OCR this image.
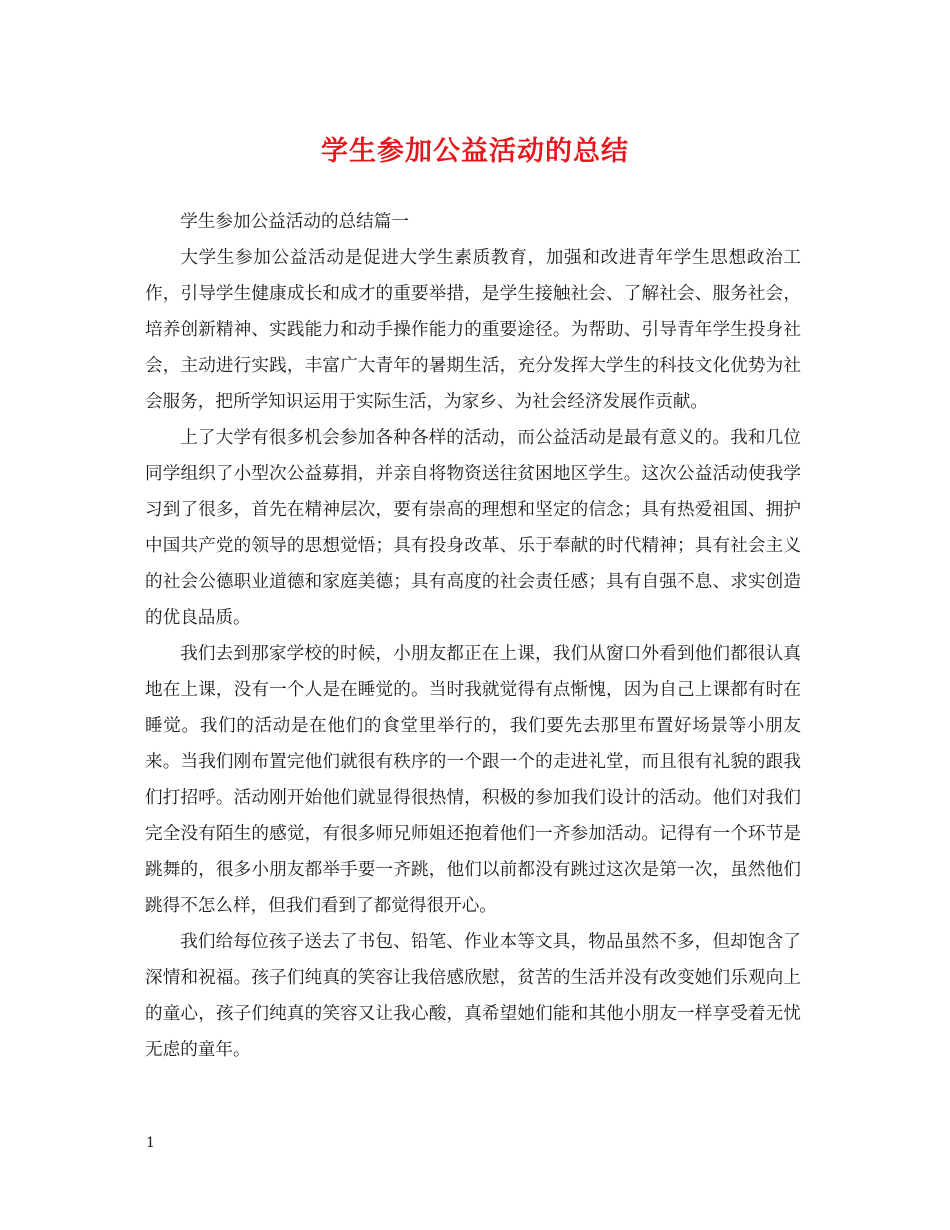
学生参加公益活动的总结

学生参加公益活动的总结篇一

大学生参加公益活动是促进大学生素质教育，加强和改进青年学生思想政治工作，引导学生健康成长和成才的重要举措，是学生接触社会、了解社会、服务社会，培养创新精神、实践能力和动手操作能力的重要途径。为帮助、引导青年学生投身社会，主动进行实践，丰富广大青年的暑期生活，充分发挥大学生的科技文化优势为社会服务，把所学知识运用于实际生活，为家乡、为社会经济发展作贡献。

上了大学有很多机会参加各种各样的活动，而公益活动是最有意义的。我和几位同学组织了小型次公益募捐，并亲自将物资送往贫困地区学生。这次公益活动使我学习到了很多，首先在精神层次，要有崇高的理想和坚定的信念；具有热爱祖国、拥护中国共产党的领导的思想觉悟；具有投身改革、乐于奉献的时代精神；具有社会主义的社会公德职业道德和家庭美德；具有高度的社会责任感；具有自强不息、求实创造的优良品质。

我们去到那家学校的时候，小朋友都正在上课，我们从窗口外看到他们都很认真地在上课，没有一个人是在睡觉的。当时我就觉得有点惭愧，因为自己上课都有时在睡觉。我们的活动是在他们的食堂里举行的，我们要先去那里布置好场景等小朋友来。当我们刚布置完他们就很有秩序的一个跟一个的走进礼堂，而且很有礼貌的跟我们打招呼。活动刚开始他们就显得很热情，积极的参加我们设计的活动。他们对我们完全没有陌生的感觉，有很多师兄师姐还抱着他们一齐参加活动。记得有一个环节是跳舞的，很多小朋友都举手要一齐跳，他们以前都没有跳过这次是第一次，虽然他们跳得不怎么样，但我们看到了都觉得很开心。

我们给每位孩子送去了书包、铅笔、作业本等文具，物品虽然不多，但却饱含了深情和祝福。孩子们纯真的笑容让我倍感欣慰，贫苦的生活并没有改变她们乐观向上的童心，孩子们纯真的笑容又让我心酸，真希望她们能和其他小朋友一样享受着无忧无虑的童年。

1
